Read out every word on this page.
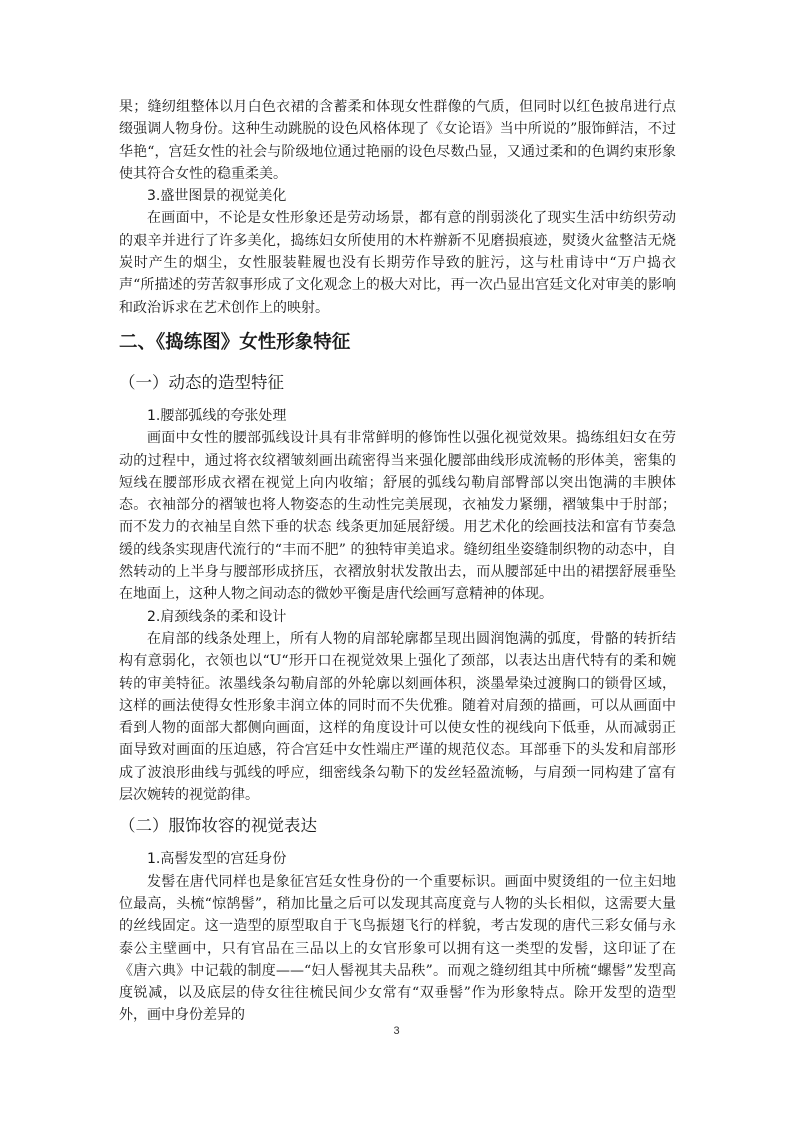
果；缝纫组整体以月白色衣裙的含蓄柔和体现女性群像的气质，但同时以红色披帛进行点缀强调人物身份。这种生动跳脱的设色风格体现了《女论语》当中所说的”服饰鲜洁，不过华艳“，宫廷女性的社会与阶级地位通过艳丽的设色尽数凸显，又通过柔和的色调约束形象使其符合女性的稳重柔美。

3.盛世图景的视觉美化

在画面中，不论是女性形象还是劳动场景，都有意的削弱淡化了现实生活中纺织劳动的艰辛并进行了许多美化，捣练妇女所使用的木杵辦新不见磨损痕迹，熨烫火盆整洁无烧炭时产生的烟尘，女性服装鞋履也没有长期劳作导致的脏污，这与杜甫诗中“万户捣衣声“所描述的劳苦叙事形成了文化观念上的极大对比，再一次凸显出宫廷文化对审美的影响和政治诉求在艺术创作上的映射。

二、《捣练图》女性形象特征
（一）动态的造型特征
1.腰部弧线的夸张处理

画面中女性的腰部弧线设计具有非常鲜明的修饰性以强化视觉效果。捣练组妇女在劳动的过程中，通过将衣纹褶皱刻画出疏密得当来强化腰部曲线形成流畅的形体美，密集的短线在腰部形成衣褶在视觉上向内收缩；舒展的弧线勾勒肩部臀部以突出饱满的丰腴体态。衣袖部分的褶皱也将人物姿态的生动性完美展现，衣袖发力紧绷，褶皱集中于肘部；而不发力的衣袖呈自然下垂的状态 线条更加延展舒缓。用艺术化的绘画技法和富有节奏急缓的线条实现唐代流行的“丰而不肥” 的独特审美追求。缝纫组坐姿缝制织物的动态中，自然转动的上半身与腰部形成挤压，衣褶放射状发散出去，而从腰部延中出的裙摆舒展垂坠在地面上，这种人物之间动态的微妙平衡是唐代绘画写意精神的体现。

2.肩颈线条的柔和设计

在肩部的线条处理上，所有人物的肩部轮廓都呈现出圆润饱满的弧度，骨骼的转折结构有意弱化，衣领也以“U“形开口在视觉效果上强化了颈部，以表达出唐代特有的柔和婉转的审美特征。浓墨线条勾勒肩部的外轮廓以刻画体积，淡墨晕染过渡胸口的锁骨区域，这样的画法使得女性形象丰润立体的同时而不失优雅。随着对肩颈的描画，可以从画面中看到人物的面部大都侧向画面，这样的角度设计可以使女性的视线向下低垂，从而减弱正面导致对画面的压迫感，符合宫廷中女性端庄严谨的规范仪态。耳部垂下的头发和肩部形成了波浪形曲线与弧线的呼应，细密线条勾勒下的发丝轻盈流畅，与肩颈一同构建了富有层次婉转的视觉韵律。

（二）服饰妆容的视觉表达
1.高髻发型的宫廷身份

发髻在唐代同样也是象征宫廷女性身份的一个重要标识。画面中熨烫组的一位主妇地位最高，头梳“惊鹄髻”，稍加比量之后可以发现其高度竟与人物的头长相似，这需要大量的丝线固定。这一造型的原型取自于飞鸟振翅飞行的样貌，考古发现的唐代三彩女俑与永泰公主壁画中，只有官品在三品以上的女官形象可以拥有这一类型的发髻，这印证了在《唐六典》中记载的制度——“妇人髻视其夫品秩”。而观之缝纫组其中所梳“螺髻”发型高度锐减，以及底层的侍女往往梳民间少女常有“双垂髻”作为形象特点。除开发型的造型外，画中身份差异的

3
